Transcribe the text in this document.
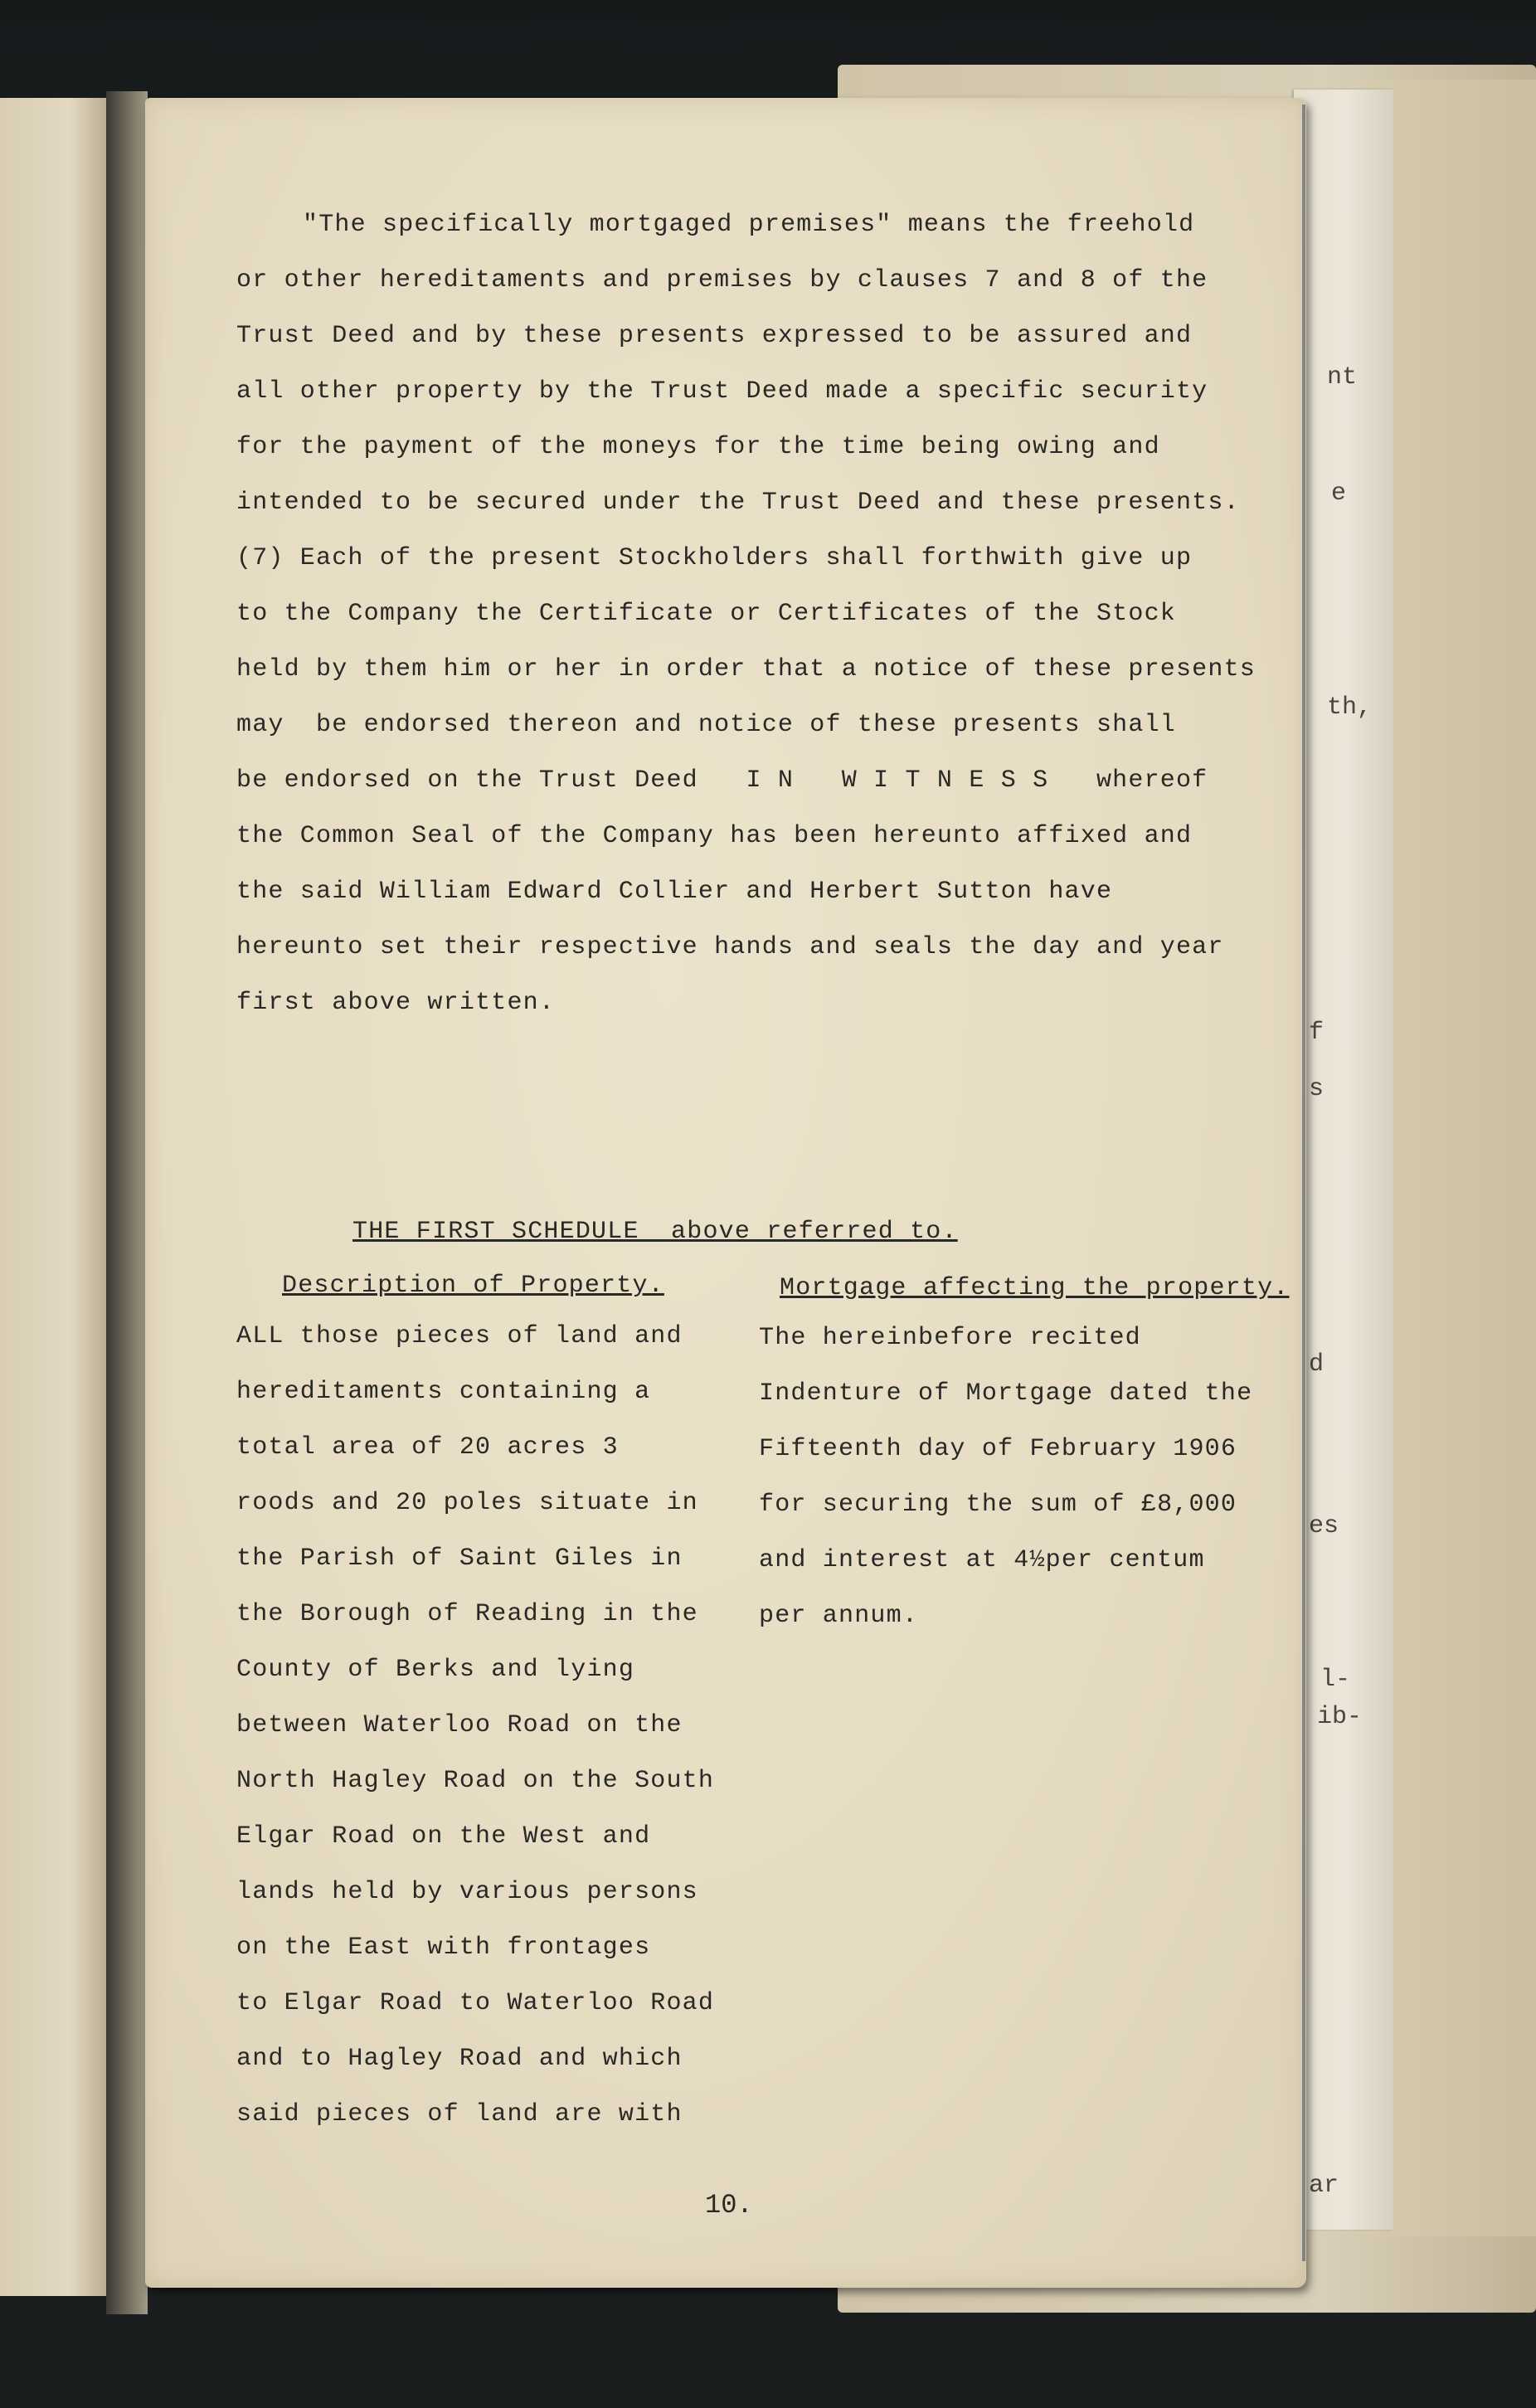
nt
e
th,
f
s
d
es
l-
ib-
ar
"The specifically mortgaged premises" means the freehold
or other hereditaments and premises by clauses 7 and 8 of the
Trust Deed and by these presents expressed to be assured and
all other property by the Trust Deed made a specific security
for the payment of the moneys for the time being owing and
intended to be secured under the Trust Deed and these presents.
(7) Each of the present Stockholders shall forthwith give up
to the Company the Certificate or Certificates of the Stock
held by them him or her in order that a notice of these presents
may  be endorsed thereon and notice of these presents shall
be endorsed on the Trust Deed   I N   W I T N E S S   whereof
the Common Seal of the Company has been hereunto affixed and
the said William Edward Collier and Herbert Sutton have
hereunto set their respective hands and seals the day and year
first above written.
THE FIRST SCHEDULE  above referred to.
Description of Property.	Mortgage affecting the property.
ALL those pieces of land and
hereditaments containing a
total area of 20 acres 3
roods and 20 poles situate in
the Parish of Saint Giles in
the Borough of Reading in the
County of Berks and lying
between Waterloo Road on the
North Hagley Road on the South
Elgar Road on the West and
lands held by various persons
on the East with frontages
to Elgar Road to Waterloo Road
and to Hagley Road and which
said pieces of land are with
The hereinbefore recited
Indenture of Mortgage dated the
Fifteenth day of February 1906
for securing the sum of £8,000
and interest at 4½per centum
per annum.
10.
